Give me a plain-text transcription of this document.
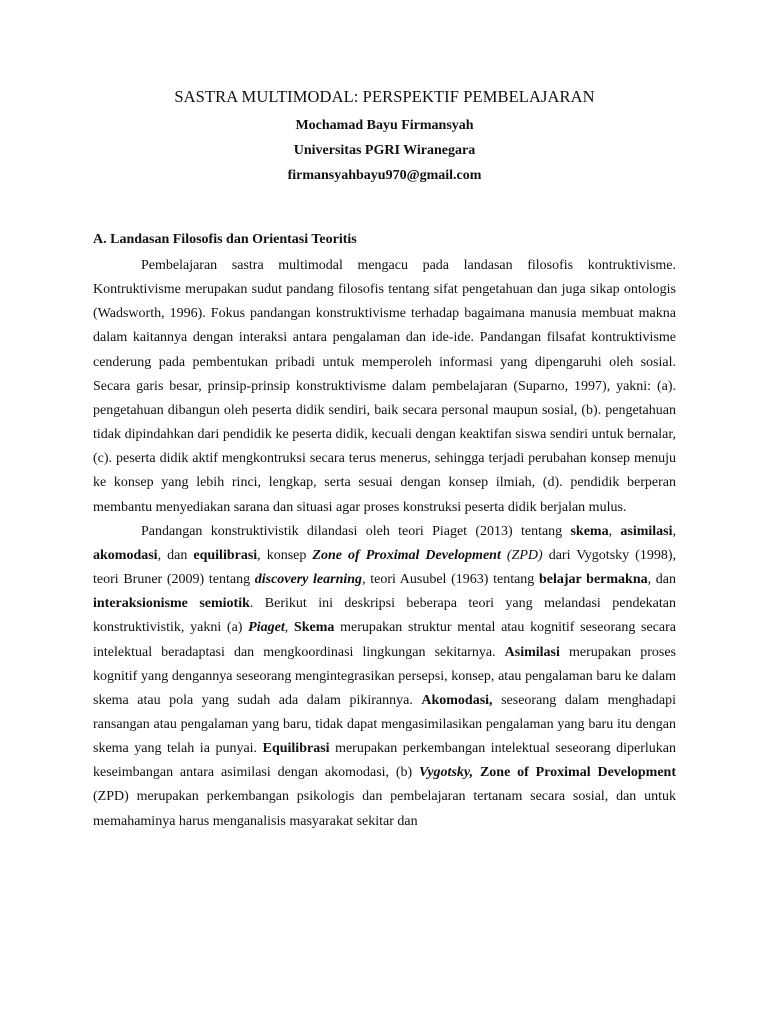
SASTRA MULTIMODAL: PERSPEKTIF PEMBELAJARAN
Mochamad Bayu Firmansyah
Universitas PGRI Wiranegara
firmansyahbayu970@gmail.com
A. Landasan Filosofis dan Orientasi Teoritis

Pembelajaran sastra multimodal mengacu pada landasan filosofis kontruktivisme. Kontruktivisme merupakan sudut pandang filosofis tentang sifat pengetahuan dan juga sikap ontologis (Wadsworth, 1996). Fokus pandangan konstruktivisme terhadap bagaimana manusia membuat makna dalam kaitannya dengan interaksi antara pengalaman dan ide-ide. Pandangan filsafat kontruktivisme cenderung pada pembentukan pribadi untuk memperoleh informasi yang dipengaruhi oleh sosial. Secara garis besar, prinsip-prinsip konstruktivisme dalam pembelajaran (Suparno, 1997), yakni: (a). pengetahuan dibangun oleh peserta didik sendiri, baik secara personal maupun sosial, (b). pengetahuan tidak dipindahkan dari pendidik ke peserta didik, kecuali dengan keaktifan siswa sendiri untuk bernalar, (c). peserta didik aktif mengkontruksi secara terus menerus, sehingga terjadi perubahan konsep menuju ke konsep yang lebih rinci, lengkap, serta sesuai dengan konsep ilmiah, (d). pendidik berperan membantu menyediakan sarana dan situasi agar proses konstruksi peserta didik berjalan mulus.

Pandangan konstruktivistik dilandasi oleh teori Piaget (2013) tentang skema, asimilasi, akomodasi, dan equilibrasi, konsep Zone of Proximal Development (ZPD) dari Vygotsky (1998), teori Bruner (2009) tentang discovery learning, teori Ausubel (1963) tentang belajar bermakna, dan interaksionisme semiotik. Berikut ini deskripsi beberapa teori yang melandasi pendekatan konstruktivistik, yakni (a) Piaget, Skema merupakan struktur mental atau kognitif seseorang secara intelektual beradaptasi dan mengkoordinasi lingkungan sekitarnya. Asimilasi merupakan proses kognitif yang dengannya seseorang mengintegrasikan persepsi, konsep, atau pengalaman baru ke dalam skema atau pola yang sudah ada dalam pikirannya. Akomodasi, seseorang dalam menghadapi ransangan atau pengalaman yang baru, tidak dapat mengasimilasikan pengalaman yang baru itu dengan skema yang telah ia punyai. Equilibrasi merupakan perkembangan intelektual seseorang diperlukan keseimbangan antara asimilasi dengan akomodasi, (b) Vygotsky, Zone of Proximal Development (ZPD) merupakan perkembangan psikologis dan pembelajaran tertanam secara sosial, dan untuk memahaminya harus menganalisis masyarakat sekitar dan
